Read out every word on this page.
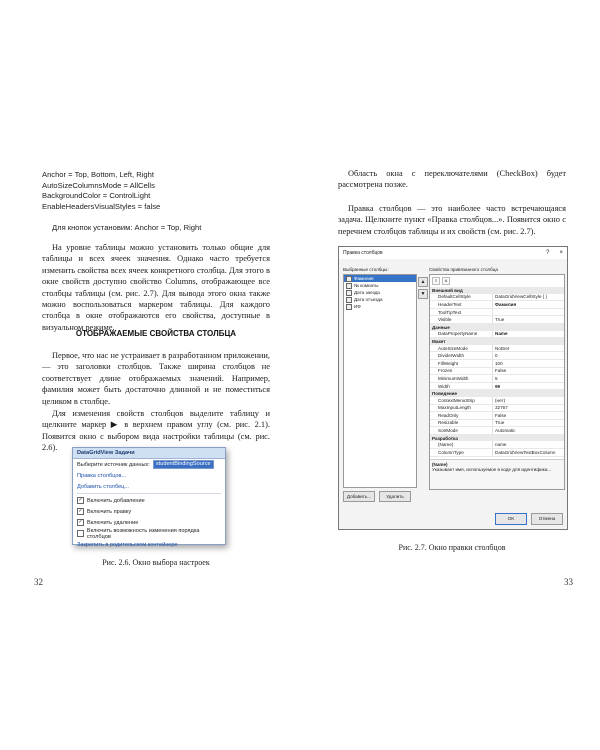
Anchor = Top, Bottom, Left, Right
AutoSizeColumnsMode = AllCells
BackgroundColor = ControlLight
EnableHeadersVisualStyles = false
Для кнопок установим: Anchor = Top, Right

На уровне таблицы можно установить только общие для таблицы и всех ячеек значения. Однако часто требуется изменить свойства всех ячеек конкретного столбца. Для этого в окне свойств доступно свойство Columns, отображающее все столбцы таблицы (см. рис. 2.7). Для вывода этого окна также можно воспользоваться маркером таблицы. Для каждого столбца в окне отображаются его свойства, доступные в визуальном режиме.

ОТОБРАЖАЕМЫЕ СВОЙСТВА СТОЛБЦА

Первое, что нас не устраивает в разработанном приложении, — это заголовки столбцов. Также ширина столбцов не соответствует длине отображаемых значений. Например, фамилия может быть достаточно длинной и не поместиться целиком в столбце.

Для изменения свойств столбцов выделите таблицу и щелкните маркер ▶ в верхнем правом углу (см. рис. 2.1). Появится окно с выбором вида настройки таблицы (см. рис. 2.6).

DataGridView Задачи
Выберите источник данных:	studentBindingSource
Правка столбцов...
Добавить столбец...
✓ Включить добавление
✓ Включить правку
✓ Включить удаление
Включить возможность изменения порядка столбцов
Закрепить в родительском контейнере
Рис. 2.6. Окно выбора настроек
32

Область окна с переключателями (CheckBox) будет рассмотрена позже.

Правка столбцов — это наиболее часто встречающаяся задача. Щелкните пункт «Правка столбцов...». Появится окно с перечнем столбцов таблицы и их свойств (см. рис. 2.7).

Правка столбцов	? ×
Выбранные столбцы:
Фамилия
№ комнаты
Дата заезда
Дата отъезда
ИФ
▲
▼
Добавить...	Удалить
Свойства привязанного столбца
≡	A
Внешний вид
DefaultCellStyle	DataGridViewCellStyle { }
HeaderText	Фамилия
ToolTipText
Visible	True
Данные
DataPropertyName	Name
Макет
AutoSizeMode	NotSet
DividerWidth	0
FillWeight	100
Frozen	False
MinimumWidth	5
Width	99
Поведение
ContextMenuStrip	(нет)
MaxInputLength	32767
ReadOnly	False
Resizable	True
SortMode	Automatic
Разработка
(Name)	name
ColumnType	DataGridViewTextBoxColumn
(Name)
Указывает имя, используемое в коде для идентифика...
OK	Отмена
Рис. 2.7. Окно правки столбцов
33
